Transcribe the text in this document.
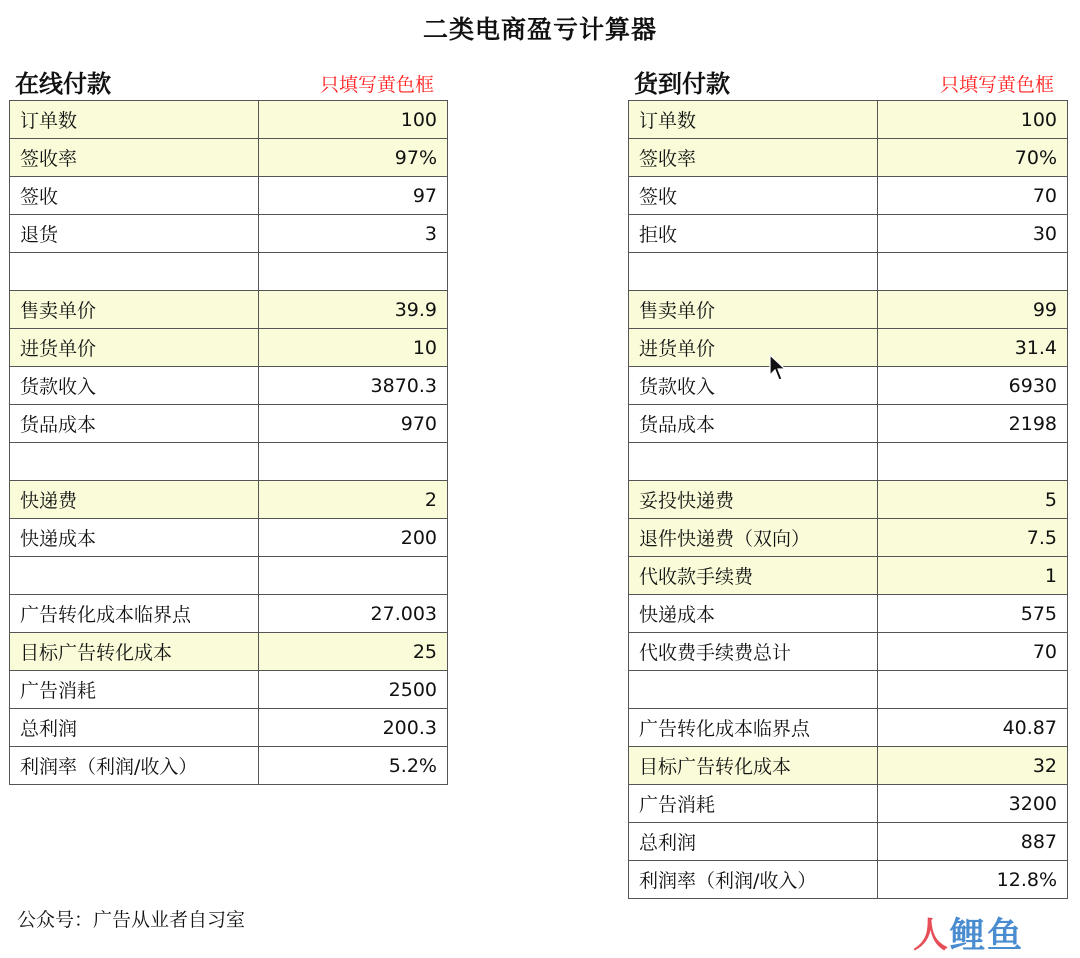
二类电商盈亏计算器
在线付款	只填写黄色框
订单数	100
签收率	97%
签收	97
退货	3

售卖单价	39.9
进货单价	10
货款收入	3870.3
货品成本	970

快递费	2
快递成本	200

广告转化成本临界点	27.003
目标广告转化成本	25
广告消耗	2500
总利润	200.3
利润率（利润/收入）	5.2%
货到付款	只填写黄色框
订单数	100
签收率	70%
签收	70
拒收	30

售卖单价	99
进货单价	31.4
货款收入	6930
货品成本	2198

妥投快递费	5
退件快递费（双向）	7.5
代收款手续费	1
快递成本	575
代收费手续费总计	70

广告转化成本临界点	40.87
目标广告转化成本	32
广告消耗	3200
总利润	887
利润率（利润/收入）	12.8%
公众号：广告从业者自习室	人鲤鱼
